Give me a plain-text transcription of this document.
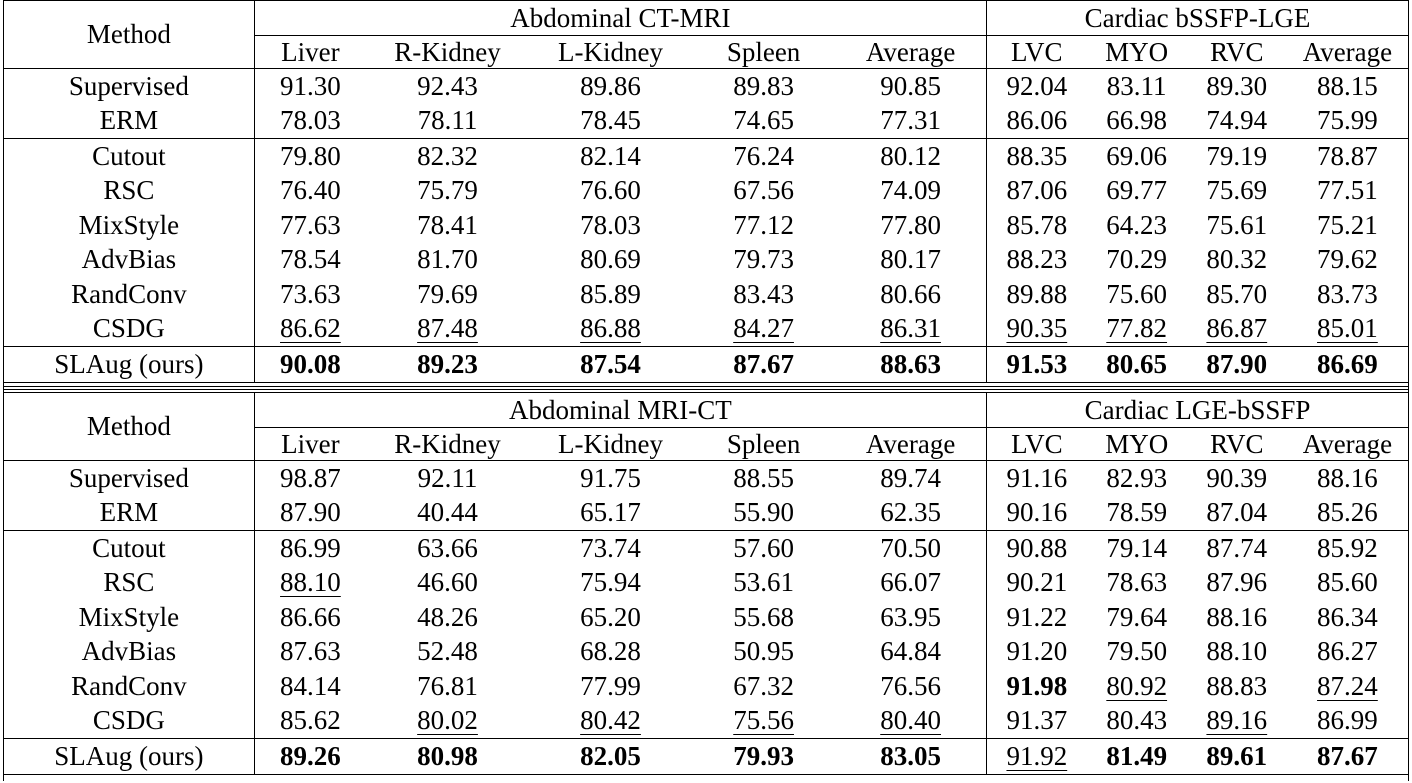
Method	Abdominal CT-MRI					Cardiac bSSFP-LGE			
	Liver	R-Kidney	L-Kidney	Spleen	Average	LVC	MYO	RVC	Average
Supervised	91.30	92.43	89.86	89.83	90.85	92.04	83.11	89.30	88.15
ERM	78.03	78.11	78.45	74.65	77.31	86.06	66.98	74.94	75.99
Cutout	79.80	82.32	82.14	76.24	80.12	88.35	69.06	79.19	78.87
RSC	76.40	75.79	76.60	67.56	74.09	87.06	69.77	75.69	77.51
MixStyle	77.63	78.41	78.03	77.12	77.80	85.78	64.23	75.61	75.21
AdvBias	78.54	81.70	80.69	79.73	80.17	88.23	70.29	80.32	79.62
RandConv	73.63	79.69	85.89	83.43	80.66	89.88	75.60	85.70	83.73
CSDG	86.62	87.48	86.88	84.27	86.31	90.35	77.82	86.87	85.01
SLAug (ours)	90.08	89.23	87.54	87.67	88.63	91.53	80.65	87.90	86.69
Method	Abdominal MRI-CT					Cardiac LGE-bSSFP			
	Liver	R-Kidney	L-Kidney	Spleen	Average	LVC	MYO	RVC	Average
Supervised	98.87	92.11	91.75	88.55	89.74	91.16	82.93	90.39	88.16
ERM	87.90	40.44	65.17	55.90	62.35	90.16	78.59	87.04	85.26
Cutout	86.99	63.66	73.74	57.60	70.50	90.88	79.14	87.74	85.92
RSC	88.10	46.60	75.94	53.61	66.07	90.21	78.63	87.96	85.60
MixStyle	86.66	48.26	65.20	55.68	63.95	91.22	79.64	88.16	86.34
AdvBias	87.63	52.48	68.28	50.95	64.84	91.20	79.50	88.10	86.27
RandConv	84.14	76.81	77.99	67.32	76.56	91.98	80.92	88.83	87.24
CSDG	85.62	80.02	80.42	75.56	80.40	91.37	80.43	89.16	86.99
SLAug (ours)	89.26	80.98	82.05	79.93	83.05	91.92	81.49	89.61	87.67
